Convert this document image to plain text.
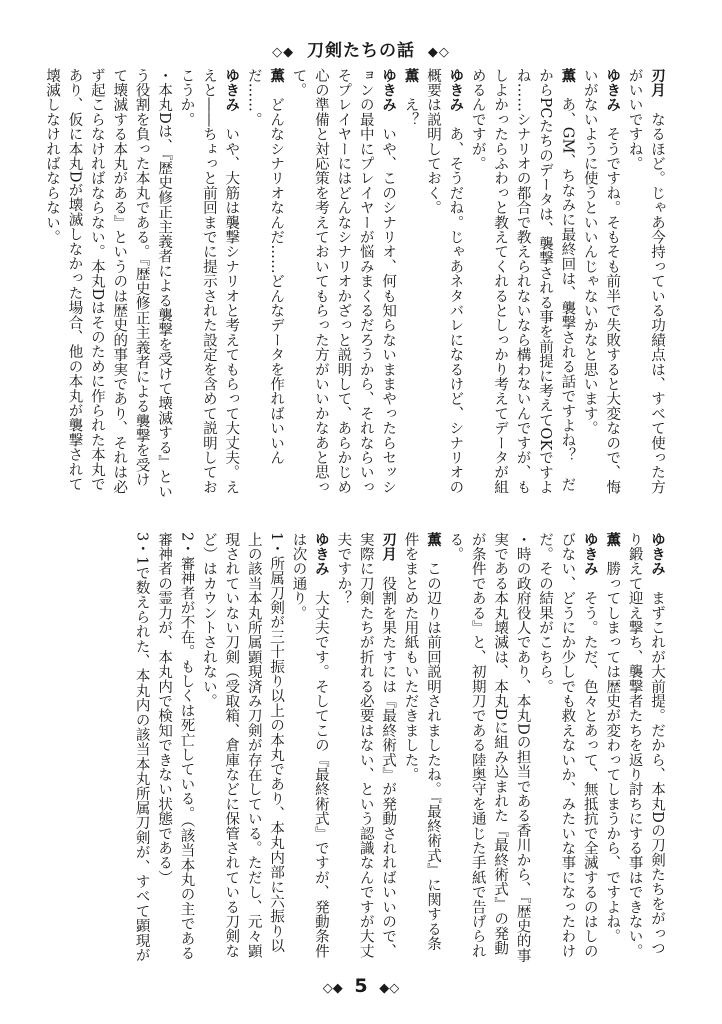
◇◆ 刀剣たちの話 ◆◇

刃月　なるほど。じゃあ今持っている功績点は、すべて使った方がいいですね。

ゆきみ　そうですね。そもそも前半で失敗すると大変なので、悔いがないように使うといいんじゃないかなと思います。

薫　あ、GM、ちなみに最終回は、襲撃される話ですよね？　だからPCたちのデータは、襲撃される事を前提に考えてOKですよね……シナリオの都合で教えられないなら構わないんですが、もしよかったらふわっと教えてくれるとしっかり考えてデータが組めるんですが。

ゆきみ　あ、そうだね。じゃあネタバレになるけど、シナリオの概要は説明しておく。

薫　え？

ゆきみ　いや、このシナリオ、何も知らないままやったらセッションの最中にプレイヤーが悩みまくるだろうから、それならいっそプレイヤーにはどんなシナリオかざっと説明して、あらかじめ心の準備と対応策を考えておいてもらった方がいいかなあと思って。

薫　どんなシナリオなんだ……どんなデータを作ればいいんだ……。

ゆきみ　いや、大筋は襲撃シナリオと考えてもらって大丈夫。ええと――ちょっと前回までに提示された設定を含めて説明しておこうか。

・本丸Dは、『歴史修正主義者による襲撃を受けて壊滅する』という役割を負った本丸である。『歴史修正主義者による襲撃を受けて壊滅する本丸がある』というのは歴史的事実であり、それは必ず起こらなければならない。本丸Dはそのために作られた本丸であり、仮に本丸Dが壊滅しなかった場合、他の本丸が襲撃されて壊滅しなければならない。

ゆきみ　まずこれが大前提。だから、本丸Dの刀剣たちをがっつり鍛えて迎え撃ち、襲撃者たちを返り討ちにする事はできない。

薫　勝ってしまっては歴史が変わってしまうから、ですよね。

ゆきみ　そう。ただ、色々とあって、無抵抗で全滅するのはしのびない、どうにか少しでも救えないか、みたいな事になったわけだ。その結果がこちら。

・時の政府役人であり、本丸Dの担当である香川から、『歴史的事実である本丸壊滅は、本丸Dに組み込まれた『最終術式』の発動が条件である』と、初期刀である陸奥守を通じた手紙で告げられる。

薫　この辺りは前回説明されましたね。『最終術式』に関する条件をまとめた用紙もいただきました。

刃月　役割を果たすには『最終術式』が発動されればいいので、実際に刀剣たちが折れる必要はない、という認識なんですが大丈夫ですか？

ゆきみ　大丈夫です。そしてこの『最終術式』ですが、発動条件は次の通り。

1・所属刀剣が三十振り以上の本丸であり、本丸内部に六振り以上の該当本丸所属顕現済み刀剣が存在している。ただし、元々顕現されていない刀剣（受取箱、倉庫などに保管されている刀剣など）はカウントされない。

2・審神者が不在。もしくは死亡している。（該当本丸の主である審神者の霊力が、本丸内で検知できない状態である）

3・1で数えられた、本丸内の該当本丸所属刀剣が、すべて顕現が

◇◆ 5 ◆◇
